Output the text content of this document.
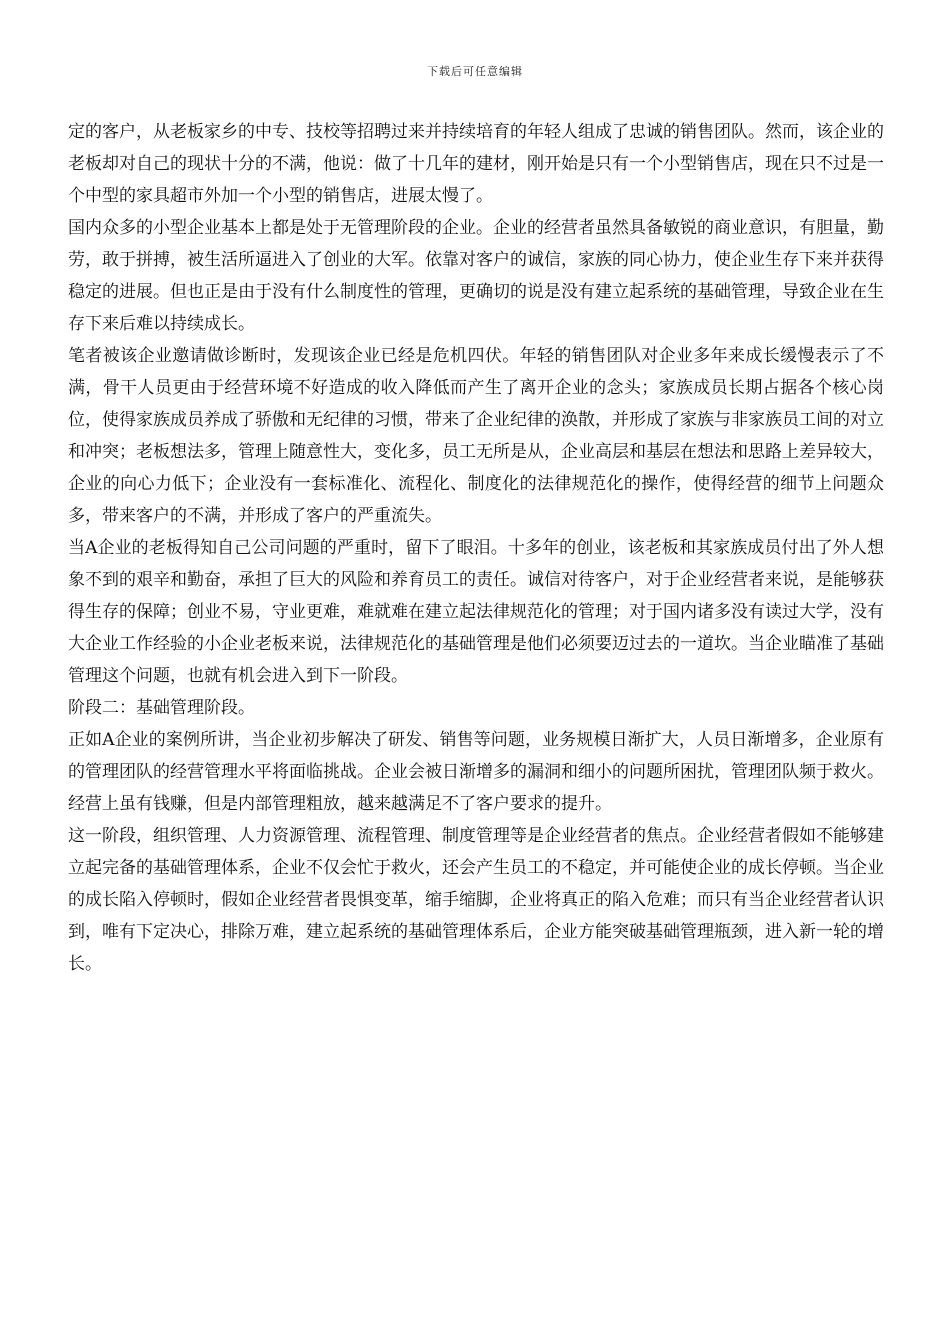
下载后可任意编辑

定的客户，从老板家乡的中专、技校等招聘过来并持续培育的年轻人组成了忠诚的销售团队。然而，该企业的老板却对自己的现状十分的不满，他说：做了十几年的建材，刚开始是只有一个小型销售店，现在只不过是一个中型的家具超市外加一个小型的销售店，进展太慢了。

国内众多的小型企业基本上都是处于无管理阶段的企业。企业的经营者虽然具备敏锐的商业意识，有胆量，勤劳，敢于拼搏，被生活所逼进入了创业的大军。依靠对客户的诚信，家族的同心协力，使企业生存下来并获得稳定的进展。但也正是由于没有什么制度性的管理，更确切的说是没有建立起系统的基础管理，导致企业在生存下来后难以持续成长。

笔者被该企业邀请做诊断时，发现该企业已经是危机四伏。年轻的销售团队对企业多年来成长缓慢表示了不满，骨干人员更由于经营环境不好造成的收入降低而产生了离开企业的念头；家族成员长期占据各个核心岗位，使得家族成员养成了骄傲和无纪律的习惯，带来了企业纪律的涣散，并形成了家族与非家族员工间的对立和冲突；老板想法多，管理上随意性大，变化多，员工无所是从，企业高层和基层在想法和思路上差异较大，企业的向心力低下；企业没有一套标准化、流程化、制度化的法律规范化的操作，使得经营的细节上问题众多，带来客户的不满，并形成了客户的严重流失。

当A企业的老板得知自己公司问题的严重时，留下了眼泪。十多年的创业，该老板和其家族成员付出了外人想象不到的艰辛和勤奋，承担了巨大的风险和养育员工的责任。诚信对待客户，对于企业经营者来说，是能够获得生存的保障；创业不易，守业更难，难就难在建立起法律规范化的管理；对于国内诸多没有读过大学，没有大企业工作经验的小企业老板来说，法律规范化的基础管理是他们必须要迈过去的一道坎。当企业瞄准了基础管理这个问题，也就有机会进入到下一阶段。

阶段二：基础管理阶段。

正如A企业的案例所讲，当企业初步解决了研发、销售等问题，业务规模日渐扩大，人员日渐增多，企业原有的管理团队的经营管理水平将面临挑战。企业会被日渐增多的漏洞和细小的问题所困扰，管理团队频于救火。经营上虽有钱赚，但是内部管理粗放，越来越满足不了客户要求的提升。

这一阶段，组织管理、人力资源管理、流程管理、制度管理等是企业经营者的焦点。企业经营者假如不能够建立起完备的基础管理体系，企业不仅会忙于救火，还会产生员工的不稳定，并可能使企业的成长停顿。当企业的成长陷入停顿时，假如企业经营者畏惧变革，缩手缩脚，企业将真正的陷入危难；而只有当企业经营者认识到，唯有下定决心，排除万难，建立起系统的基础管理体系后，企业方能突破基础管理瓶颈，进入新一轮的增长。
